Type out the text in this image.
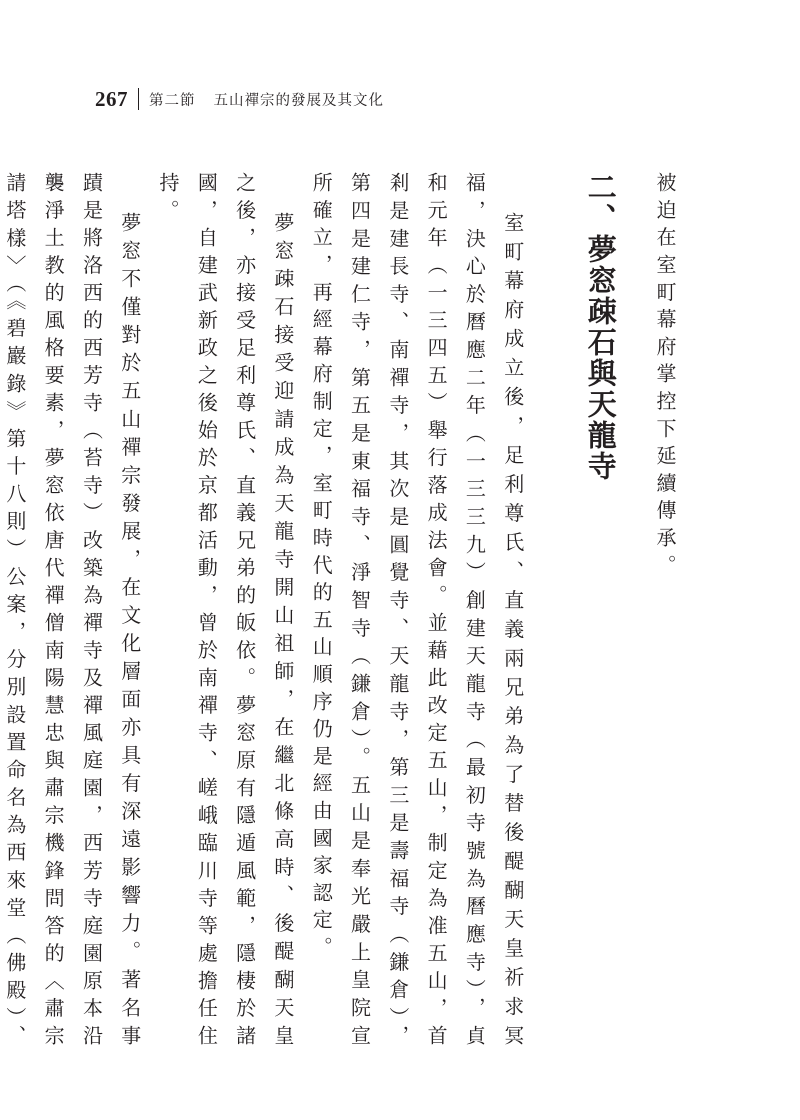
267 第二節 五山禪宗的發展及其文化

被迫在室町幕府掌控下延續傳承。

二、夢窓疎石與天龍寺

室町幕府成立後，足利尊氏、直義兩兄弟為了替後醍醐天皇祈求冥福，決心於曆應二年（一三三九）創建天龍寺（最初寺號為曆應寺），貞和元年（一三四五）舉行落成法會。並藉此改定五山，制定為准五山，首剎是建長寺、南禪寺，其次是圓覺寺、天龍寺，第三是壽福寺（鎌倉），第四是建仁寺，第五是東福寺、淨智寺（鎌倉）。五山是奉光嚴上皇院宣所確立，再經幕府制定，室町時代的五山順序仍是經由國家認定。

夢窓疎石接受迎請成為天龍寺開山祖師，在繼北條高時、後醍醐天皇之後，亦接受足利尊氏、直義兄弟的皈依。夢窓原有隱遁風範，隱棲於諸國，自建武新政之後始於京都活動，曾於南禪寺、嵯峨臨川寺等處擔任住持。

夢窓不僅對於五山禪宗發展，在文化層面亦具有深遠影響力。著名事蹟是將洛西的西芳寺（苔寺）改築為禪寺及禪風庭園，西芳寺庭園原本沿襲淨土教的風格要素，夢窓依唐代禪僧南陽慧忠與肅宗機鋒問答的〈肅宗請塔樣〉（《碧巖錄》第十八則）公案，分別設置命名為西來堂（佛殿）、
